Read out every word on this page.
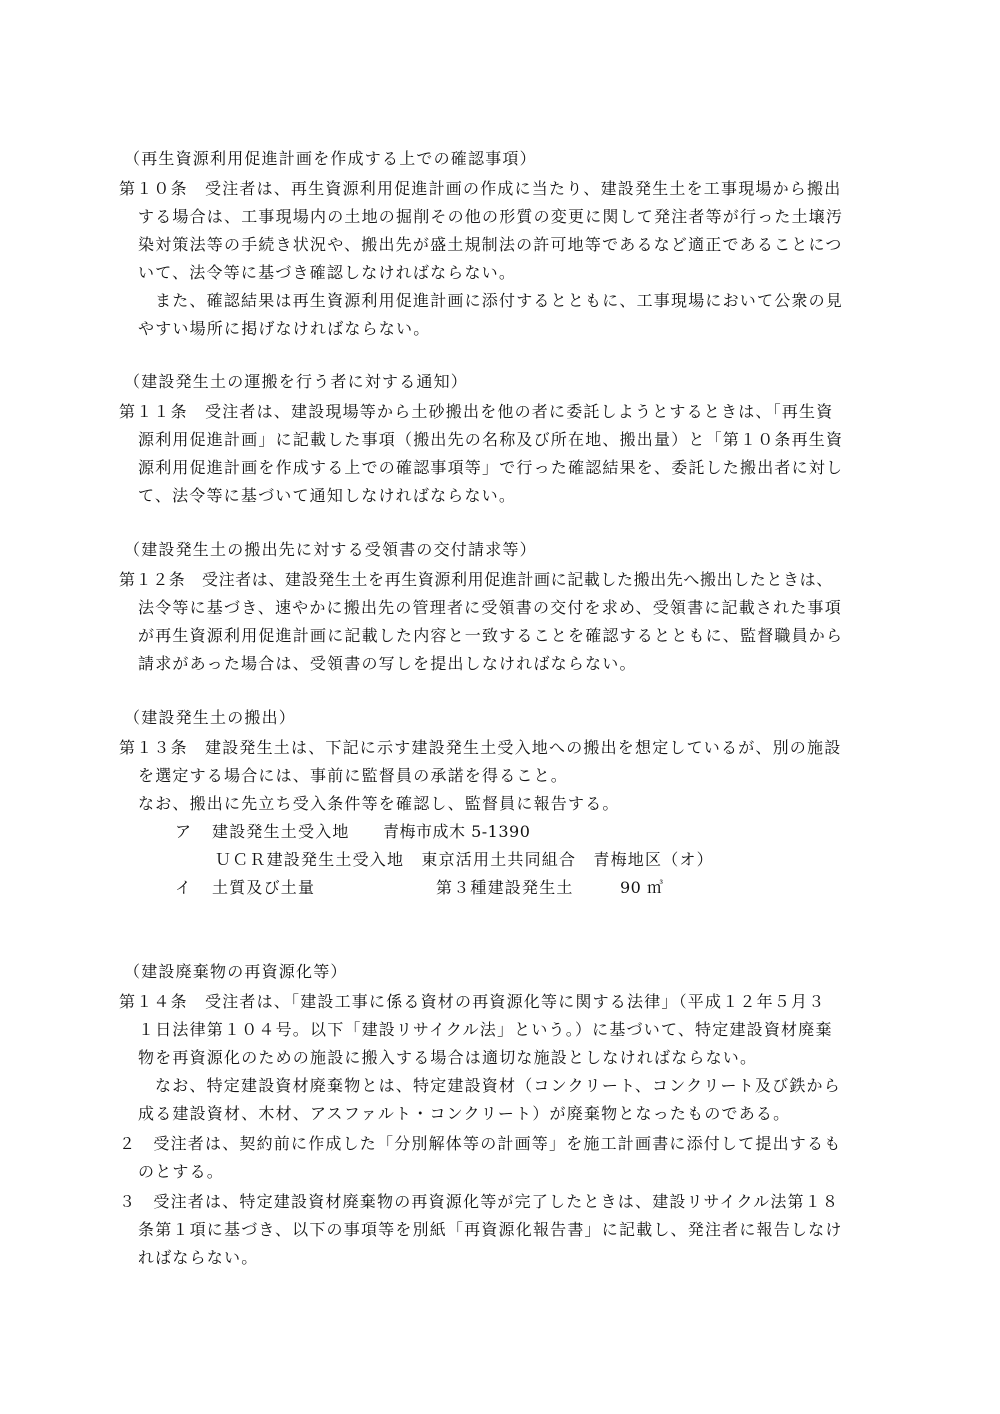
（再生資源利用促進計画を作成する上での確認事項）
第１０条　受注者は、再生資源利用促進計画の作成に当たり、建設発生土を工事現場から搬出
する場合は、工事現場内の土地の掘削その他の形質の変更に関して発注者等が行った土壌汚
染対策法等の手続き状況や、搬出先が盛土規制法の許可地等であるなど適正であることにつ
いて、法令等に基づき確認しなければならない。
また、確認結果は再生資源利用促進計画に添付するとともに、工事現場において公衆の見
やすい場所に掲げなければならない。
（建設発生土の運搬を行う者に対する通知）
第１１条　受注者は、建設現場等から土砂搬出を他の者に委託しようとするときは、「再生資
源利用促進計画」に記載した事項（搬出先の名称及び所在地、搬出量）と「第１０条再生資
源利用促進計画を作成する上での確認事項等」で行った確認結果を、委託した搬出者に対し
て、法令等に基づいて通知しなければならない。
（建設発生土の搬出先に対する受領書の交付請求等）
第１２条　受注者は、建設発生土を再生資源利用促進計画に記載した搬出先へ搬出したときは、
法令等に基づき、速やかに搬出先の管理者に受領書の交付を求め、受領書に記載された事項
が再生資源利用促進計画に記載した内容と一致することを確認するとともに、監督職員から
請求があった場合は、受領書の写しを提出しなければならない。
（建設発生土の搬出）
第１３条　建設発生土は、下記に示す建設発生土受入地への搬出を想定しているが、別の施設
を選定する場合には、事前に監督員の承諾を得ること。
なお、搬出に先立ち受入条件等を確認し、監督員に報告する。
ア 建設発生土受入地 青梅市成木 5-1390
ＵＣＲ建設発生土受入地　東京活用土共同組合　青梅地区（オ）
イ 土質及び土量	第３種建設発生土	90 ㎥
（建設廃棄物の再資源化等）
第１４条　受注者は、「建設工事に係る資材の再資源化等に関する法律」（平成１２年５月３
１日法律第１０４号。以下「建設リサイクル法」という。）に基づいて、特定建設資材廃棄
物を再資源化のための施設に搬入する場合は適切な施設としなければならない。
なお、特定建設資材廃棄物とは、特定建設資材（コンクリート、コンクリート及び鉄から
成る建設資材、木材、アスファルト・コンクリート）が廃棄物となったものである。
２　受注者は、契約前に作成した「分別解体等の計画等」を施工計画書に添付して提出するも
のとする。
３　受注者は、特定建設資材廃棄物の再資源化等が完了したときは、建設リサイクル法第１８
条第１項に基づき、以下の事項等を別紙「再資源化報告書」に記載し、発注者に報告しなけ
ればならない。
